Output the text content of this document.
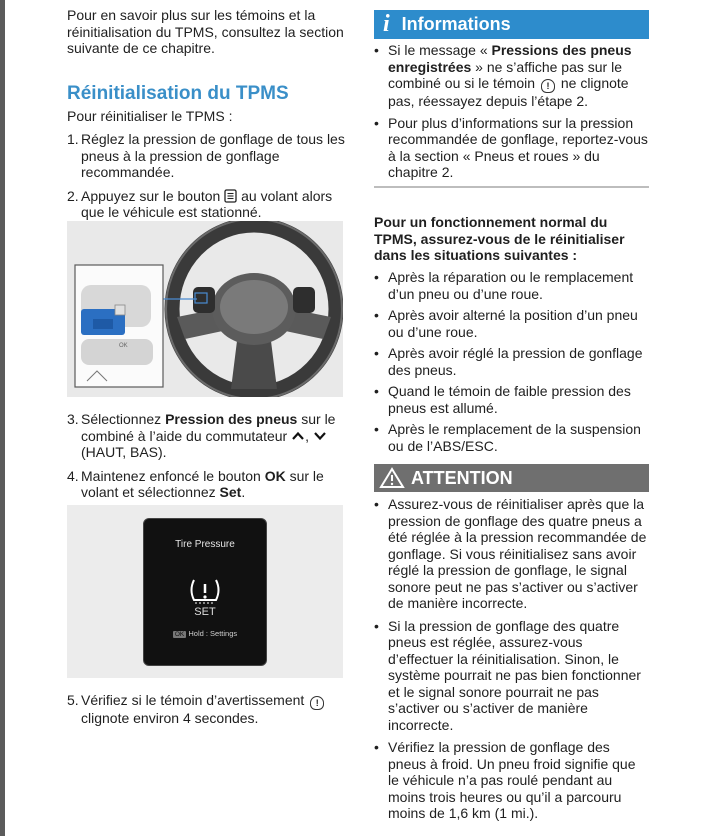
Pour en savoir plus sur les témoins et la réinitialisation du TPMS, consultez la section suivante de ce chapitre.

Réinitialisation du TPMS

Pour réinitialiser le TPMS :

1. Réglez la pression de gonflage de tous les pneus à la pression de gonflage recommandée.
2. Appuyez sur le bouton au volant alors que le véhicule est stationné.
OK
3. Sélectionnez Pression des pneus sur le combiné à l’aide du commutateur ,  (HAUT, BAS).
4. Maintenez enfoncé le bouton OK sur le volant et sélectionnez Set.
Tire Pressure
SET
OK Hold : Settings
5. Vérifiez si le témoin d’avertissement ! clignote environ 4 secondes.
i Informations
• Si le message « Pressions des pneus enregistrées » ne s’affiche pas sur le combiné ou si le témoin ! ne clignote pas, réessayez depuis l’étape 2.
• Pour plus d’informations sur la pression recommandée de gonflage, reportez-vous à la section « Pneus et roues » du chapitre 2.

Pour un fonctionnement normal du TPMS, assurez-vous de le réinitialiser dans les situations suivantes :

• Après la réparation ou le remplacement d’un pneu ou d’une roue.
• Après avoir alterné la position d’un pneu ou d’une roue.
• Après avoir réglé la pression de gonflage des pneus.
• Quand le témoin de faible pression des pneus est allumé.
• Après le remplacement de la suspension ou de l’ABS/ESC.
ATTENTION
• Assurez-vous de réinitialiser après que la pression de gonflage des quatre pneus a été réglée à la pression recommandée de gonflage. Si vous réinitialisez sans avoir réglé la pression de gonflage, le signal sonore peut ne pas s’activer ou s’activer de manière incorrecte.
• Si la pression de gonflage des quatre pneus est réglée, assurez-vous d’effectuer la réinitialisation. Sinon, le système pourrait ne pas bien fonctionner et le signal sonore pourrait ne pas s’activer ou s’activer de manière incorrecte.
• Vérifiez la pression de gonflage des pneus à froid. Un pneu froid signifie que le véhicule n’a pas roulé pendant au moins trois heures ou qu’il a parcouru moins de 1,6 km (1 mi.).
